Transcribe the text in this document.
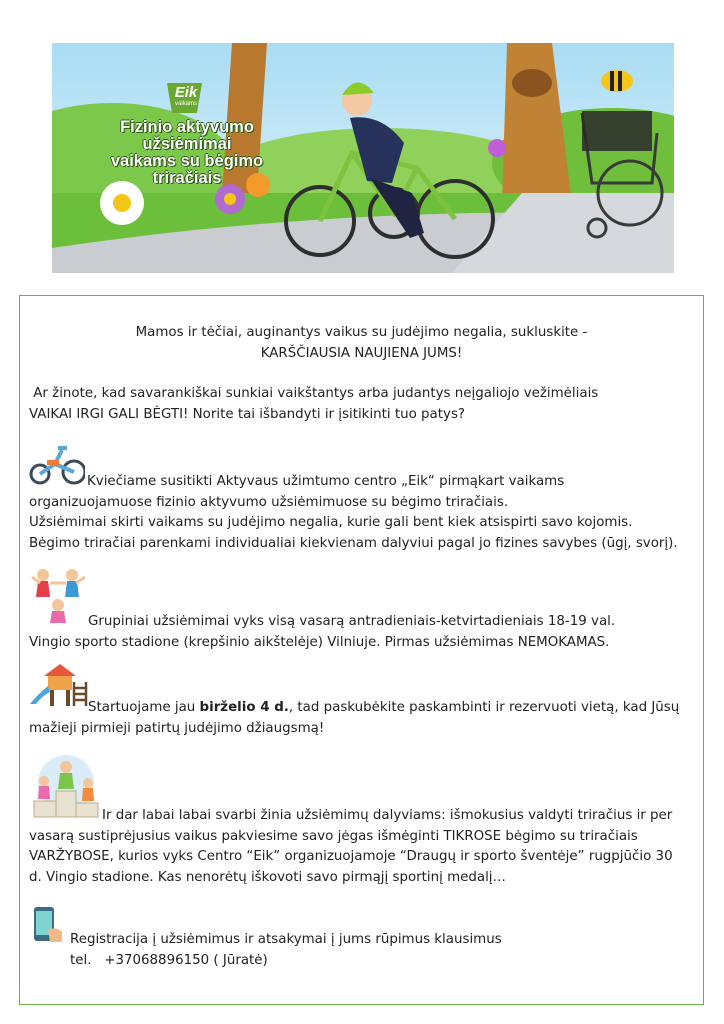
Eik
vaikams
Fizinio aktyvumo užsiėmimai
vaikams su bėgimo
triračiais
Mamos ir tėčiai, auginantys vaikus su judėjimo negalia, sukluskite -
KARŠČIAUSIA NAUJIENA JUMS!
Ar žinote, kad savarankiškai sunkiai vaikštantys arba judantys neįgaliojo vežimėliais
VAIKAI IRGI GALI BĖGTI! Norite tai išbandyti ir įsitikinti tuo patys?
Kviečiame susitikti Aktyvaus užimtumo centro „Eik“ pirmąkart vaikams
organizuojamuose fizinio aktyvumo užsiėmimuose su bėgimo triračiais.
Užsiėmimai skirti vaikams su judėjimo negalia, kurie gali bent kiek atsispirti savo kojomis.
Bėgimo triračiai parenkami individualiai kiekvienam dalyviui pagal jo fizines savybes (ūgį, svorį).
Grupiniai užsiėmimai vyks visą vasarą antradieniais-ketvirtadieniais 18-19 val.
Vingio sporto stadione (krepšinio aikštelėje) Vilniuje. Pirmas užsiėmimas NEMOKAMAS.
Startuojame jau birželio 4 d., tad paskubėkite paskambinti ir rezervuoti vietą, kad Jūsų
mažieji pirmieji patirtų judėjimo džiaugsmą!
Ir dar labai labai svarbi žinia užsiėmimų dalyviams: išmokusius valdyti triračius ir per
vasarą sustiprėjusius vaikus pakviesime savo jėgas išmėginti TIKROSE bėgimo su triračiais
VARŽYBOSE, kurios vyks Centro “Eik” organizuojamoje “Draugų ir sporto šventėje” rugpjūčio 30
d. Vingio stadione. Kas nenorėtų iškovoti savo pirmąjį sportinį medalį…
Registracija į užsiėmimus ir atsakymai į jums rūpimus klausimus
tel.   +37068896150 ( Jūratė)
